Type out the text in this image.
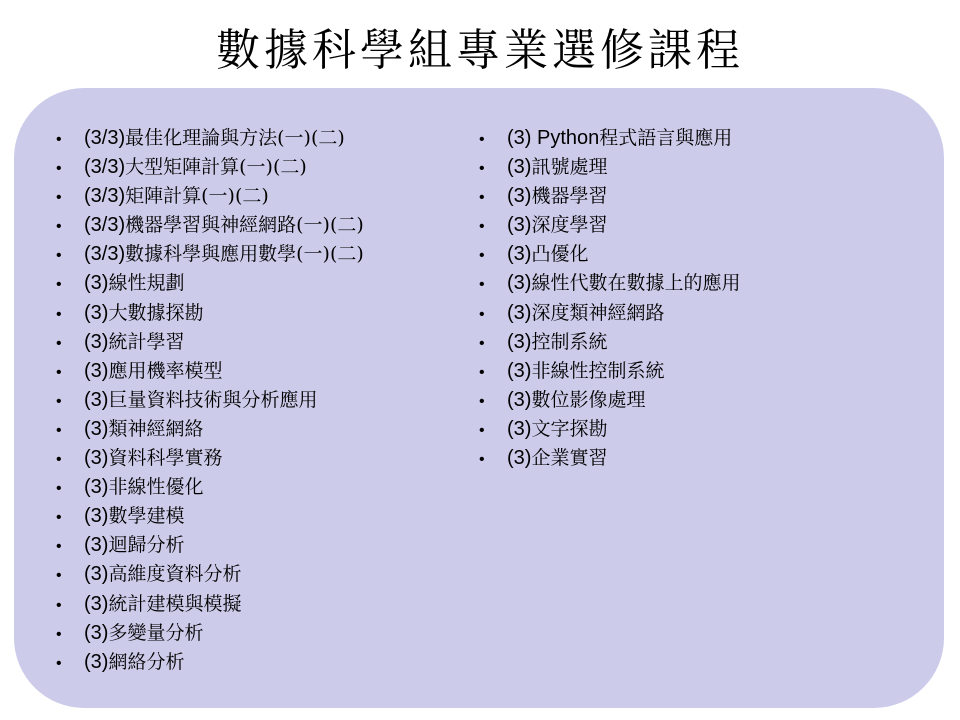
數據科學組專業選修課程
• (3/3)最佳化理論與方法(一)(二)
• (3/3)大型矩陣計算(一)(二)
• (3/3)矩陣計算(一)(二)
• (3/3)機器學習與神經網路(一)(二)
• (3/3)數據科學與應用數學(一)(二)
• (3)線性規劃
• (3)大數據探勘
• (3)統計學習
• (3)應用機率模型
• (3)巨量資料技術與分析應用
• (3)類神經網絡
• (3)資料科學實務
• (3)非線性優化
• (3)數學建模
• (3)迴歸分析
• (3)高維度資料分析
• (3)統計建模與模擬
• (3)多變量分析
• (3)網絡分析
• (3) Python程式語言與應用
• (3)訊號處理
• (3)機器學習
• (3)深度學習
• (3)凸優化
• (3)線性代數在數據上的應用
• (3)深度類神經網路
• (3)控制系統
• (3)非線性控制系統
• (3)數位影像處理
• (3)文字探勘
• (3)企業實習
